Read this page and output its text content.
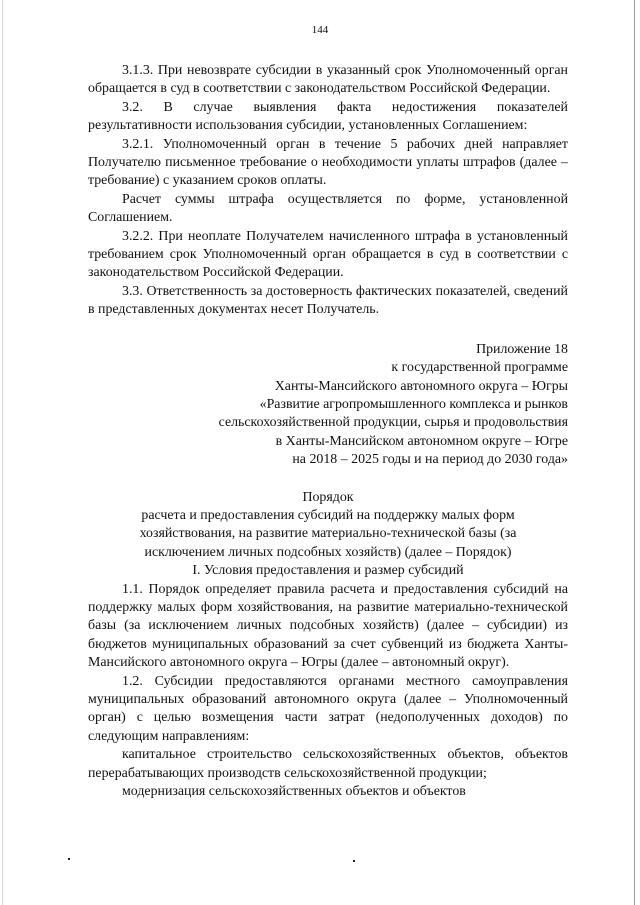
144

3.1.3. При невозврате субсидии в указанный срок Уполномоченный орган обращается в суд в соответствии с законодательством Российской Федерации.

3.2. В случае выявления факта недостижения показателей результативности использования субсидии, установленных Соглашением:

3.2.1. Уполномоченный орган в течение 5 рабочих дней направляет Получателю письменное требование о необходимости уплаты штрафов (далее – требование) с указанием сроков оплаты.

Расчет суммы штрафа осуществляется по форме, установленной Соглашением.

3.2.2. При неоплате Получателем начисленного штрафа в установленный требованием срок Уполномоченный орган обращается в суд в соответствии с законодательством Российской Федерации.

3.3. Ответственность за достоверность фактических показателей, сведений в представленных документах несет Получатель.

Приложение 18

к государственной программе

Ханты-Мансийского автономного округа – Югры

«Развитие агропромышленного комплекса и рынков

сельскохозяйственной продукции, сырья и продовольствия

в Ханты-Мансийском автономном округе – Югре

на 2018 – 2025 годы и на период до 2030 года»

Порядок

расчета и предоставления субсидий на поддержку малых форм

хозяйствования, на развитие материально-технической базы (за

исключением личных подсобных хозяйств) (далее – Порядок)

I. Условия предоставления и размер субсидий

1.1. Порядок определяет правила расчета и предоставления субсидий на поддержку малых форм хозяйствования, на развитие материально-технической базы (за исключением личных подсобных хозяйств) (далее – субсидии) из бюджетов муниципальных образований за счет субвенций из бюджета Ханты-Мансийского автономного округа – Югры (далее – автономный округ).

1.2. Субсидии предоставляются органами местного самоуправления муниципальных образований автономного округа (далее – Уполномоченный орган) с целью возмещения части затрат (недополученных доходов) по следующим направлениям:

капитальное строительство сельскохозяйственных объектов, объектов перерабатывающих производств сельскохозяйственной продукции;

модернизация сельскохозяйственных объектов и объектов
